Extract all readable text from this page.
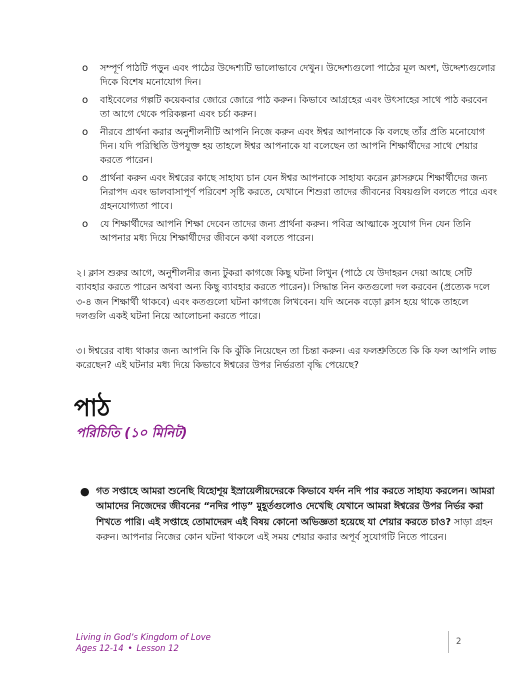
o সম্পূর্ণ পাঠটি পড়ুন এবং পাঠের উদ্দেশ্যটি ভালোভাবে দেখুন। উদ্দেশ্যগুলো পাঠের মূল অংশ, উদ্দেশ্যগুলোর দিকে বিশেষ মনোযোগ দিন।
o বাইবেলের গল্পটি কয়েকবার জোরে জোরে পাঠ করুন। কিভাবে আগ্রহের এবং উৎসাহের সাথে পাঠ করবেন তা আগে থেকে পরিকল্পনা এবং চর্চা করুন।
o নীরবে প্রার্থনা করার অনুশীলনীটি আপনি নিজে করুন এবং ঈশ্বর আপনাকে কি বলছে তাঁর প্রতি মনোযোগ দিন। যদি পরিস্থিতি উপযুক্ত হয় তাহলে ঈশ্বর আপনাকে যা বলেছেন তা আপনি শিক্ষার্থীদের সাথে শেয়ার করতে পারেন।
o প্রার্থনা করুন এবং ঈশ্বরের কাছে সাহায্য চান যেন ঈশ্বর আপনাকে সাহায্য করেন ক্লাসরুমে শিক্ষার্থীদের জন্য নিরাপদ এবং ভালবাসাপূর্ণ পরিবেশ সৃষ্টি করতে, যেখানে শিশুরা তাদের জীবনের বিষয়গুলি বলতে পারে এবং গ্রহনযোগ্যতা পাবে।
o যে শিক্ষার্থীদের আপনি শিক্ষা দেবেন তাদের জন্য প্রার্থনা করুন। পবিত্র আত্মাকে সুযোগ দিন যেন তিনি আপনার মধ্য দিয়ে শিক্ষার্থীদের জীবনে কথা বলতে পারেন।

২। ক্লাস শুরুর আগে, অনুশীলনীর জন্য টুকরা কাগজে কিছু ঘটনা লিখুন (পাঠে যে উদাহরন দেয়া আছে সেটি ব্যাবহার করতে পারেন অথবা অন্য কিছু ব্যাবহার করতে পারেন)। সিদ্ধান্ত নিন কতগুলো দল করবেন (প্রত্যেক দলে ৩-৪ জন শিক্ষার্থী থাকবে) এবং কতগুলো ঘটনা কাগজে লিখবেন। যদি অনেক বড়ো ক্লাস হয়ে থাকে তাহলে দলগুলি একই ঘটনা নিয়ে আলোচনা করতে পারে।

৩। ঈশ্বরের বাধ্য থাকার জন্য আপনি কি কি ঝুঁকি নিয়েছেন তা চিন্তা করুন। এর ফলশ্রুতিতে কি কি ফল আপনি লাভ করেছেন? এই ঘটনার মধ্য দিয়ে কিভাবে ঈশ্বরের উপর নির্ভরতা বৃদ্ধি পেয়েছে?

পাঠ
পরিচিতি (১০ মিনিট)

● গত সপ্তাহে আমরা শুনেছি যিহোশূয় ইস্রায়েলীয়দেরকে কিভাবে যর্দন নদি পার করতে সাহায্য করলেন। আমরা আমাদের নিজেদের জীবনের “নদির পাড়” মুহূর্তগুলোও দেখেছি যেখানে আমরা ঈশ্বরের উপর নির্ভর করা শিখতে পারি। এই সপ্তাহে তোমাদেরদ এই বিষয় কোনো অভিজ্ঞতা হয়েছে যা শেয়ার করতে চাও? সাড়া গ্রহন করুন। আপনার নিজের কোন ঘটনা থাকলে এই সময় শেয়ার করার অপূর্ব সুযোগটি নিতে পারেন।

Living in God’s Kingdom of Love
Ages 12-14 • Lesson 12
2
